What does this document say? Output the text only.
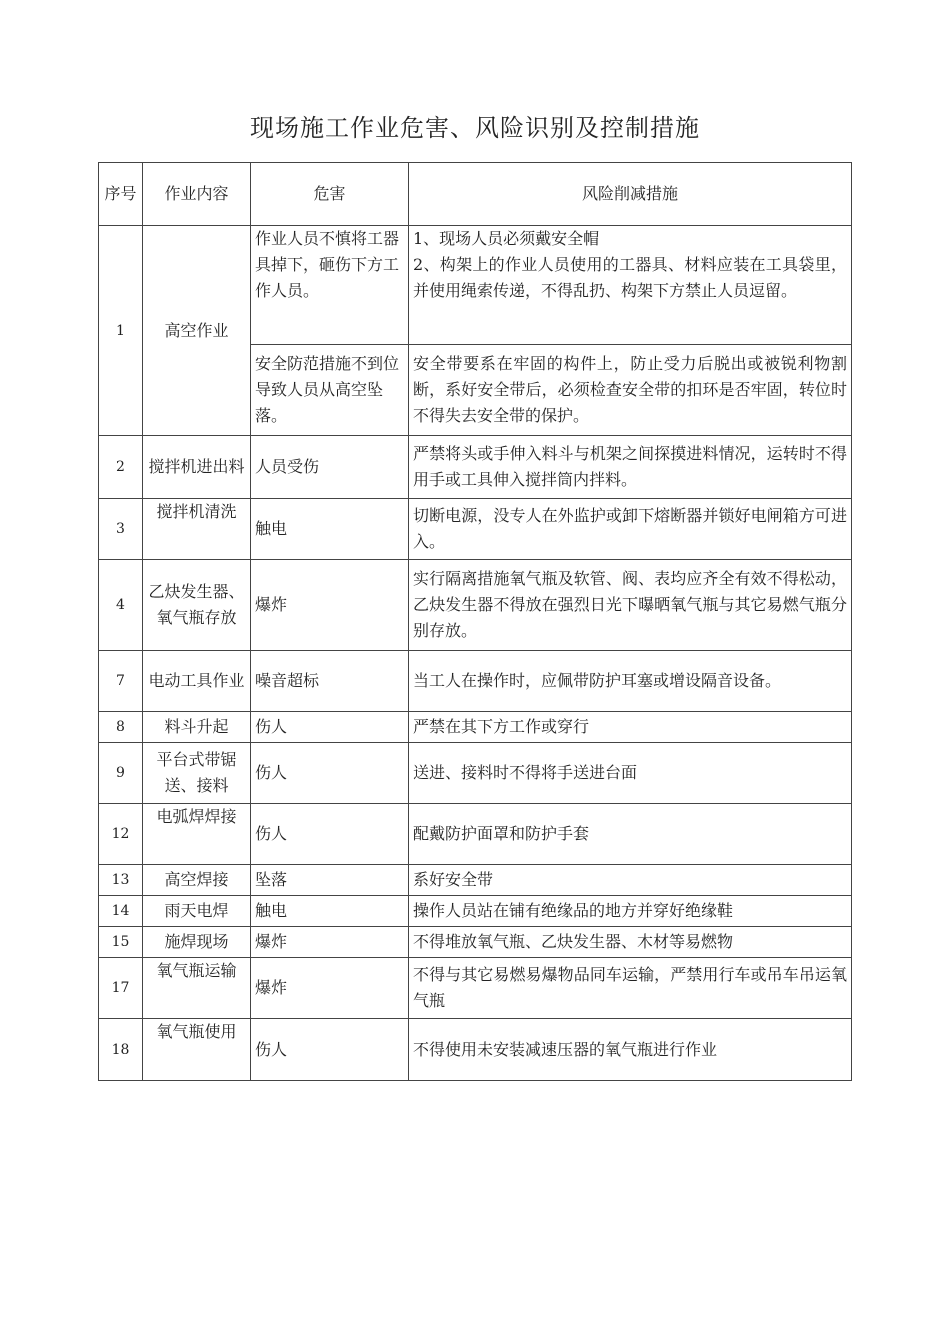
现场施工作业危害、风险识别及控制措施
序号	作业内容	危害	风险削减措施
1	高空作业	作业人员不慎将工器具掉下，砸伤下方工作人员。	1、现场人员必须戴安全帽
2、构架上的作业人员使用的工器具、材料应装在工具袋里，并使用绳索传递，不得乱扔、构架下方禁止人员逗留。

		安全防范措施不到位导致人员从高空坠落。	安全带要系在牢固的构件上，防止受力后脱出或被锐利物割断，系好安全带后，必须检查安全带的扣环是否牢固，转位时不得失去安全带的保护。
2	搅拌机进出料	人员受伤	严禁将头或手伸入料斗与机架之间探摸进料情况，运转时不得用手或工具伸入搅拌筒内拌料。
3	搅拌机清洗	触电	切断电源，没专人在外监护或卸下熔断器并锁好电闸箱方可进入。
4	乙炔发生器、氧气瓶存放	爆炸	实行隔离措施氧气瓶及软管、阀、表均应齐全有效不得松动，乙炔发生器不得放在强烈日光下曝晒氧气瓶与其它易燃气瓶分别存放。
7	电动工具作业	噪音超标	当工人在操作时，应佩带防护耳塞或增设隔音设备。
8	料斗升起	伤人	严禁在其下方工作或穿行
9	平台式带锯送、接料	伤人	送进、接料时不得将手送进台面
12	电弧焊焊接	伤人	配戴防护面罩和防护手套
13	高空焊接	坠落	系好安全带
14	雨天电焊	触电	操作人员站在铺有绝缘品的地方并穿好绝缘鞋
15	施焊现场	爆炸	不得堆放氧气瓶、乙炔发生器、木材等易燃物
17	氧气瓶运输	爆炸	不得与其它易燃易爆物品同车运输，严禁用行车或吊车吊运氧气瓶
18	氧气瓶使用	伤人	不得使用未安装减速压器的氧气瓶进行作业
